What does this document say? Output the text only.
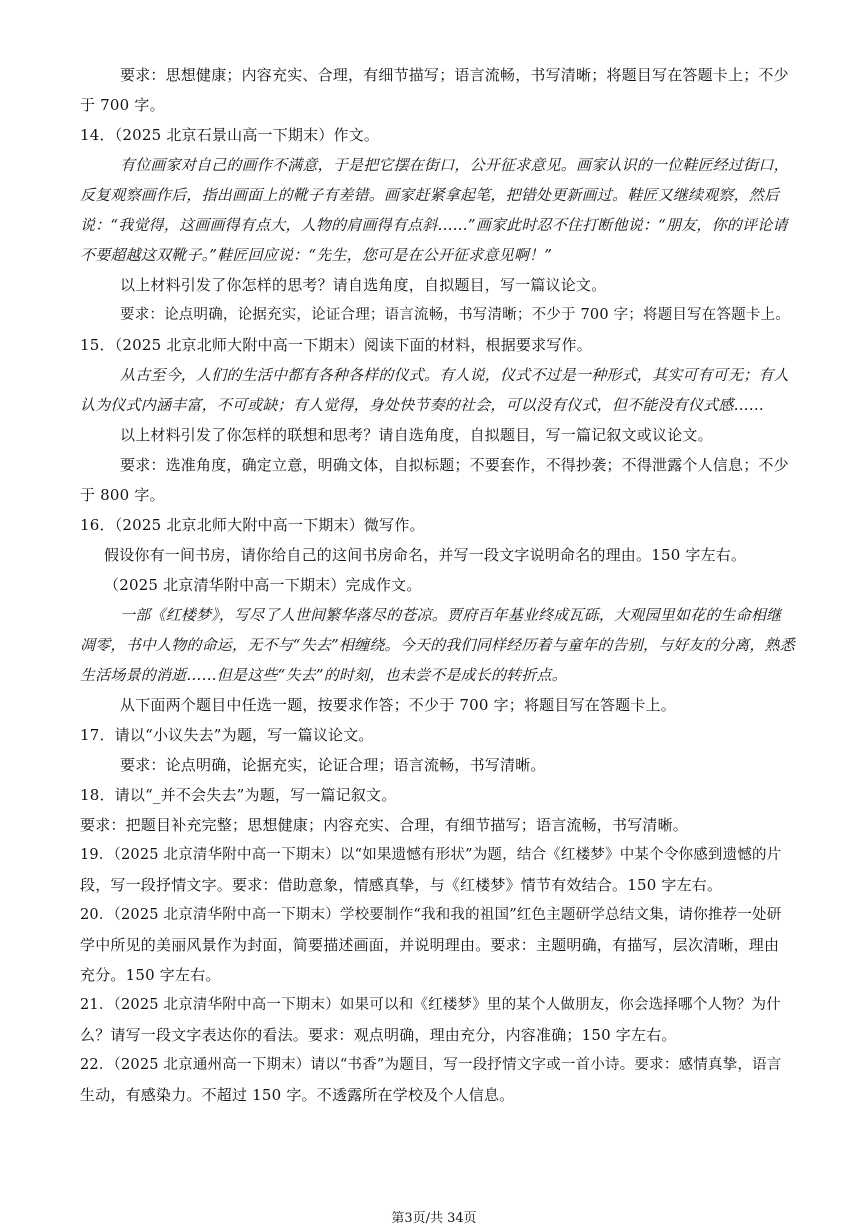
要求：思想健康；内容充实、合理，有细节描写；语言流畅，书写清晰；将题目写在答题卡上；不少
于 700 字。
14．（2025 北京石景山高一下期末）作文。
有位画家对自己的画作不满意，于是把它摆在街口，公开征求意见。画家认识的一位鞋匠经过街口，
反复观察画作后，指出画面上的靴子有差错。画家赶紧拿起笔，把错处更新画过。鞋匠又继续观察，然后
说：“我觉得，这画画得有点大，人物的肩画得有点斜……”画家此时忍不住打断他说：“朋友，你的评论请
不要超越这双靴子。”鞋匠回应说：“先生，您可是在公开征求意见啊！”
以上材料引发了你怎样的思考？请自选角度，自拟题目，写一篇议论文。
要求：论点明确，论据充实，论证合理；语言流畅，书写清晰；不少于 700 字；将题目写在答题卡上。
15．（2025 北京北师大附中高一下期末）阅读下面的材料，根据要求写作。
从古至今，人们的生活中都有各种各样的仪式。有人说，仪式不过是一种形式，其实可有可无；有人
认为仪式内涵丰富，不可或缺；有人觉得，身处快节奏的社会，可以没有仪式，但不能没有仪式感……
以上材料引发了你怎样的联想和思考？请自选角度，自拟题目，写一篇记叙文或议论文。
要求：选准角度，确定立意，明确文体，自拟标题；不要套作，不得抄袭；不得泄露个人信息；不少
于 800 字。
16．（2025 北京北师大附中高一下期末）微写作。
假设你有一间书房，请你给自己的这间书房命名，并写一段文字说明命名的理由。150 字左右。
（2025 北京清华附中高一下期末）完成作文。
一部《红楼梦》，写尽了人世间繁华落尽的苍凉。贾府百年基业终成瓦砾，大观园里如花的生命相继
凋零，书中人物的命运，无不与“失去”相缠绕。今天的我们同样经历着与童年的告别，与好友的分离，熟悉
生活场景的消逝……但是这些“失去”的时刻，也未尝不是成长的转折点。
从下面两个题目中任选一题，按要求作答；不少于 700 字；将题目写在答题卡上。
17．请以“小议失去”为题，写一篇议论文。
要求：论点明确，论据充实，论证合理；语言流畅，书写清晰。
18．请以“_并不会失去”为题，写一篇记叙文。
要求：把题目补充完整；思想健康；内容充实、合理，有细节描写；语言流畅，书写清晰。
19．（2025 北京清华附中高一下期末）以“如果遗憾有形状”为题，结合《红楼梦》中某个令你感到遗憾的片
段，写一段抒情文字。要求：借助意象，情感真挚，与《红楼梦》情节有效结合。150 字左右。
20．（2025 北京清华附中高一下期末）学校要制作“我和我的祖国”红色主题研学总结文集，请你推荐一处研
学中所见的美丽风景作为封面，简要描述画面，并说明理由。要求：主题明确，有描写，层次清晰，理由
充分。150 字左右。
21．（2025 北京清华附中高一下期末）如果可以和《红楼梦》里的某个人做朋友，你会选择哪个人物？为什
么？请写一段文字表达你的看法。要求：观点明确，理由充分，内容准确；150 字左右。
22．（2025 北京通州高一下期末）请以“书香”为题目，写一段抒情文字或一首小诗。要求：感情真挚，语言
生动，有感染力。不超过 150 字。不透露所在学校及个人信息。
第3页/共 34页
